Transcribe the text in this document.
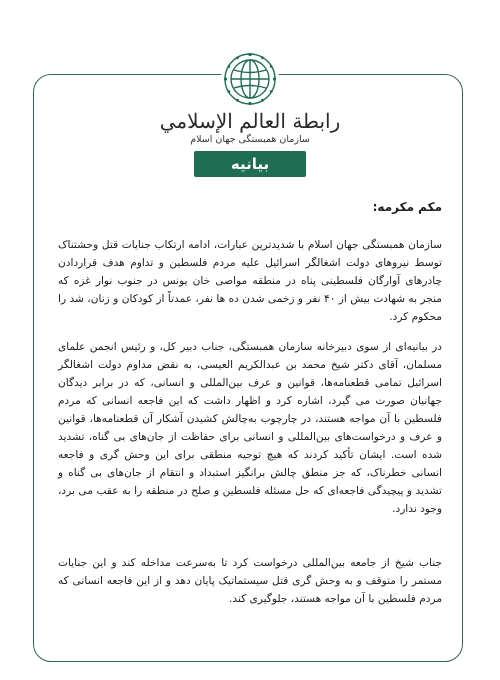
رابطة العالم الإسلامي
سازمان همبستگی جهان اسلام
بیانیه
مکم مکرمه:

سازمان همبستگی جهان اسلام با شدیدترین عبارات، ادامه ارتکاب جنایات قتل وحشتناک توسط نیروهای دولت اشغالگر اسرائیل علیه مردم فلسطین و تداوم هدف قراردادن چادرهای آوارگان فلسطینی پناه در منطقه مواصی خان یونس در جنوب نوار غزه که منجر به شهادت بیش از ۴۰ نفر و زخمی شدن ده ها نفر، عمدتاً از کودکان و زنان، شد را محکوم کرد.

در بیانیه‌ای از سوی دبیرخانه سازمان همبستگی، جناب دبیر کل، و رئیس انجمن علمای مسلمان، آقای دکتر شیخ محمد بن عبدالکریم العیسی، به نقض مداوم دولت اشغالگر اسرائیل تمامی قطعنامه‌ها، قوانین و عرف بین‌المللی و انسانی، که در برابر دیدگان جهانیان صورت می گیرد، اشاره کرد و اظهار داشت که این فاجعه انسانی که مردم فلسطین با آن مواجه هستند، در چارچوب به‌چالش کشیدن آشکار آن قطعنامه‌ها، قوانین و عرف و درخواست‌های بین‌المللی و انسانی برای حفاظت از جان‌های بی گناه، تشدید شده است. ایشان تأکید کردند که هیچ توجیه منطقی برای این وحش گری و فاجعه انسانی خطرناک، که جز منطق چالش برانگیز استبداد و انتقام از جان‌های بی گناه و تشدید و پیچیدگی فاجعه‌ای که حل مسئله فلسطین و صلح در منطقه را به عقب می برد، وجود ندارد.

جناب شیخ از جامعه بین‌المللی درخواست کرد تا به‌سرعت مداخله کند و این جنایات مستمر را متوقف و به وحش گری قتل سیستماتیک پایان دهد و از این فاجعه انسانی که مردم فلسطین با آن مواجه هستند، جلوگیری کند.
